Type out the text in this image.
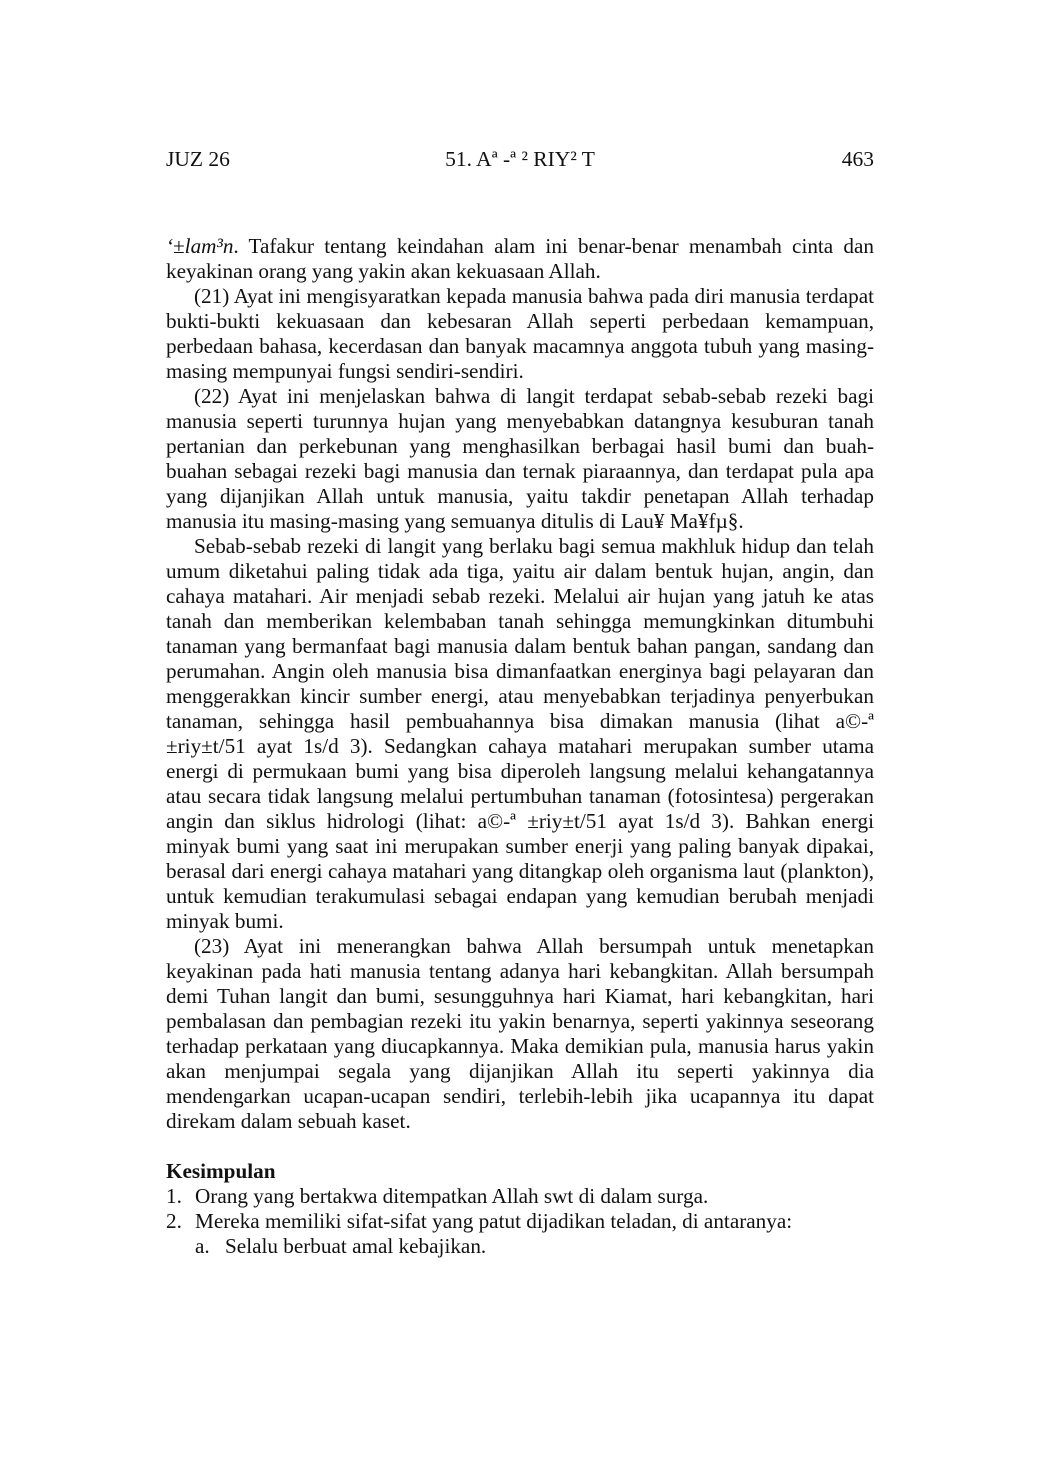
JUZ 26	51. Aª -ª ² RIY² T	463

‘±lam³n. Tafakur tentang keindahan alam ini benar-benar menambah cinta dan keyakinan orang yang yakin akan kekuasaan Allah.

(21) Ayat ini mengisyaratkan kepada manusia bahwa pada diri manusia terdapat bukti-bukti kekuasaan dan kebesaran Allah seperti perbedaan kemampuan, perbedaan bahasa, kecerdasan dan banyak macamnya anggota tubuh yang masing-masing mempunyai fungsi sendiri-sendiri.

(22) Ayat ini menjelaskan bahwa di langit terdapat sebab-sebab rezeki bagi manusia seperti turunnya hujan yang menyebabkan datangnya kesuburan tanah pertanian dan perkebunan yang menghasilkan berbagai hasil bumi dan buah-buahan sebagai rezeki bagi manusia dan ternak piaraannya, dan terdapat pula apa yang dijanjikan Allah untuk manusia, yaitu takdir penetapan Allah terhadap manusia itu masing-masing yang semuanya ditulis di Lau¥ Ma¥fµ§.

Sebab-sebab rezeki di langit yang berlaku bagi semua makhluk hidup dan telah umum diketahui paling tidak ada tiga, yaitu air dalam bentuk hujan, angin, dan cahaya matahari. Air menjadi sebab rezeki. Melalui air hujan yang jatuh ke atas tanah dan memberikan kelembaban tanah sehingga memungkinkan ditumbuhi tanaman yang bermanfaat bagi manusia dalam bentuk bahan pangan, sandang dan perumahan. Angin oleh manusia bisa dimanfaatkan energinya bagi pelayaran dan menggerakkan kincir sumber energi, atau menyebabkan terjadinya penyerbukan tanaman, sehingga hasil pembuahannya bisa dimakan manusia (lihat a©-ª ±riy±t/51 ayat 1s/d 3). Sedangkan cahaya matahari merupakan sumber utama energi di permukaan bumi yang bisa diperoleh langsung melalui kehangatannya atau secara tidak langsung melalui pertumbuhan tanaman (fotosintesa) pergerakan angin dan siklus hidrologi (lihat: a©-ª ±riy±t/51 ayat 1s/d 3). Bahkan energi minyak bumi yang saat ini merupakan sumber enerji yang paling banyak dipakai, berasal dari energi cahaya matahari yang ditangkap oleh organisma laut (plankton), untuk kemudian terakumulasi sebagai endapan yang kemudian berubah menjadi minyak bumi.

(23) Ayat ini menerangkan bahwa Allah bersumpah untuk menetapkan keyakinan pada hati manusia tentang adanya hari kebangkitan. Allah bersumpah demi Tuhan langit dan bumi, sesungguhnya hari Kiamat, hari kebangkitan, hari pembalasan dan pembagian rezeki itu yakin benarnya, seperti yakinnya seseorang terhadap perkataan yang diucapkannya. Maka demikian pula, manusia harus yakin akan menjumpai segala yang dijanjikan Allah itu seperti yakinnya dia mendengarkan ucapan-ucapan sendiri, terlebih-lebih jika ucapannya itu dapat direkam dalam sebuah kaset.

Kesimpulan

1. Orang yang bertakwa ditempatkan Allah swt di dalam surga.
2. Mereka memiliki sifat-sifat yang patut dijadikan teladan, di antaranya:
a. Selalu berbuat amal kebajikan.
